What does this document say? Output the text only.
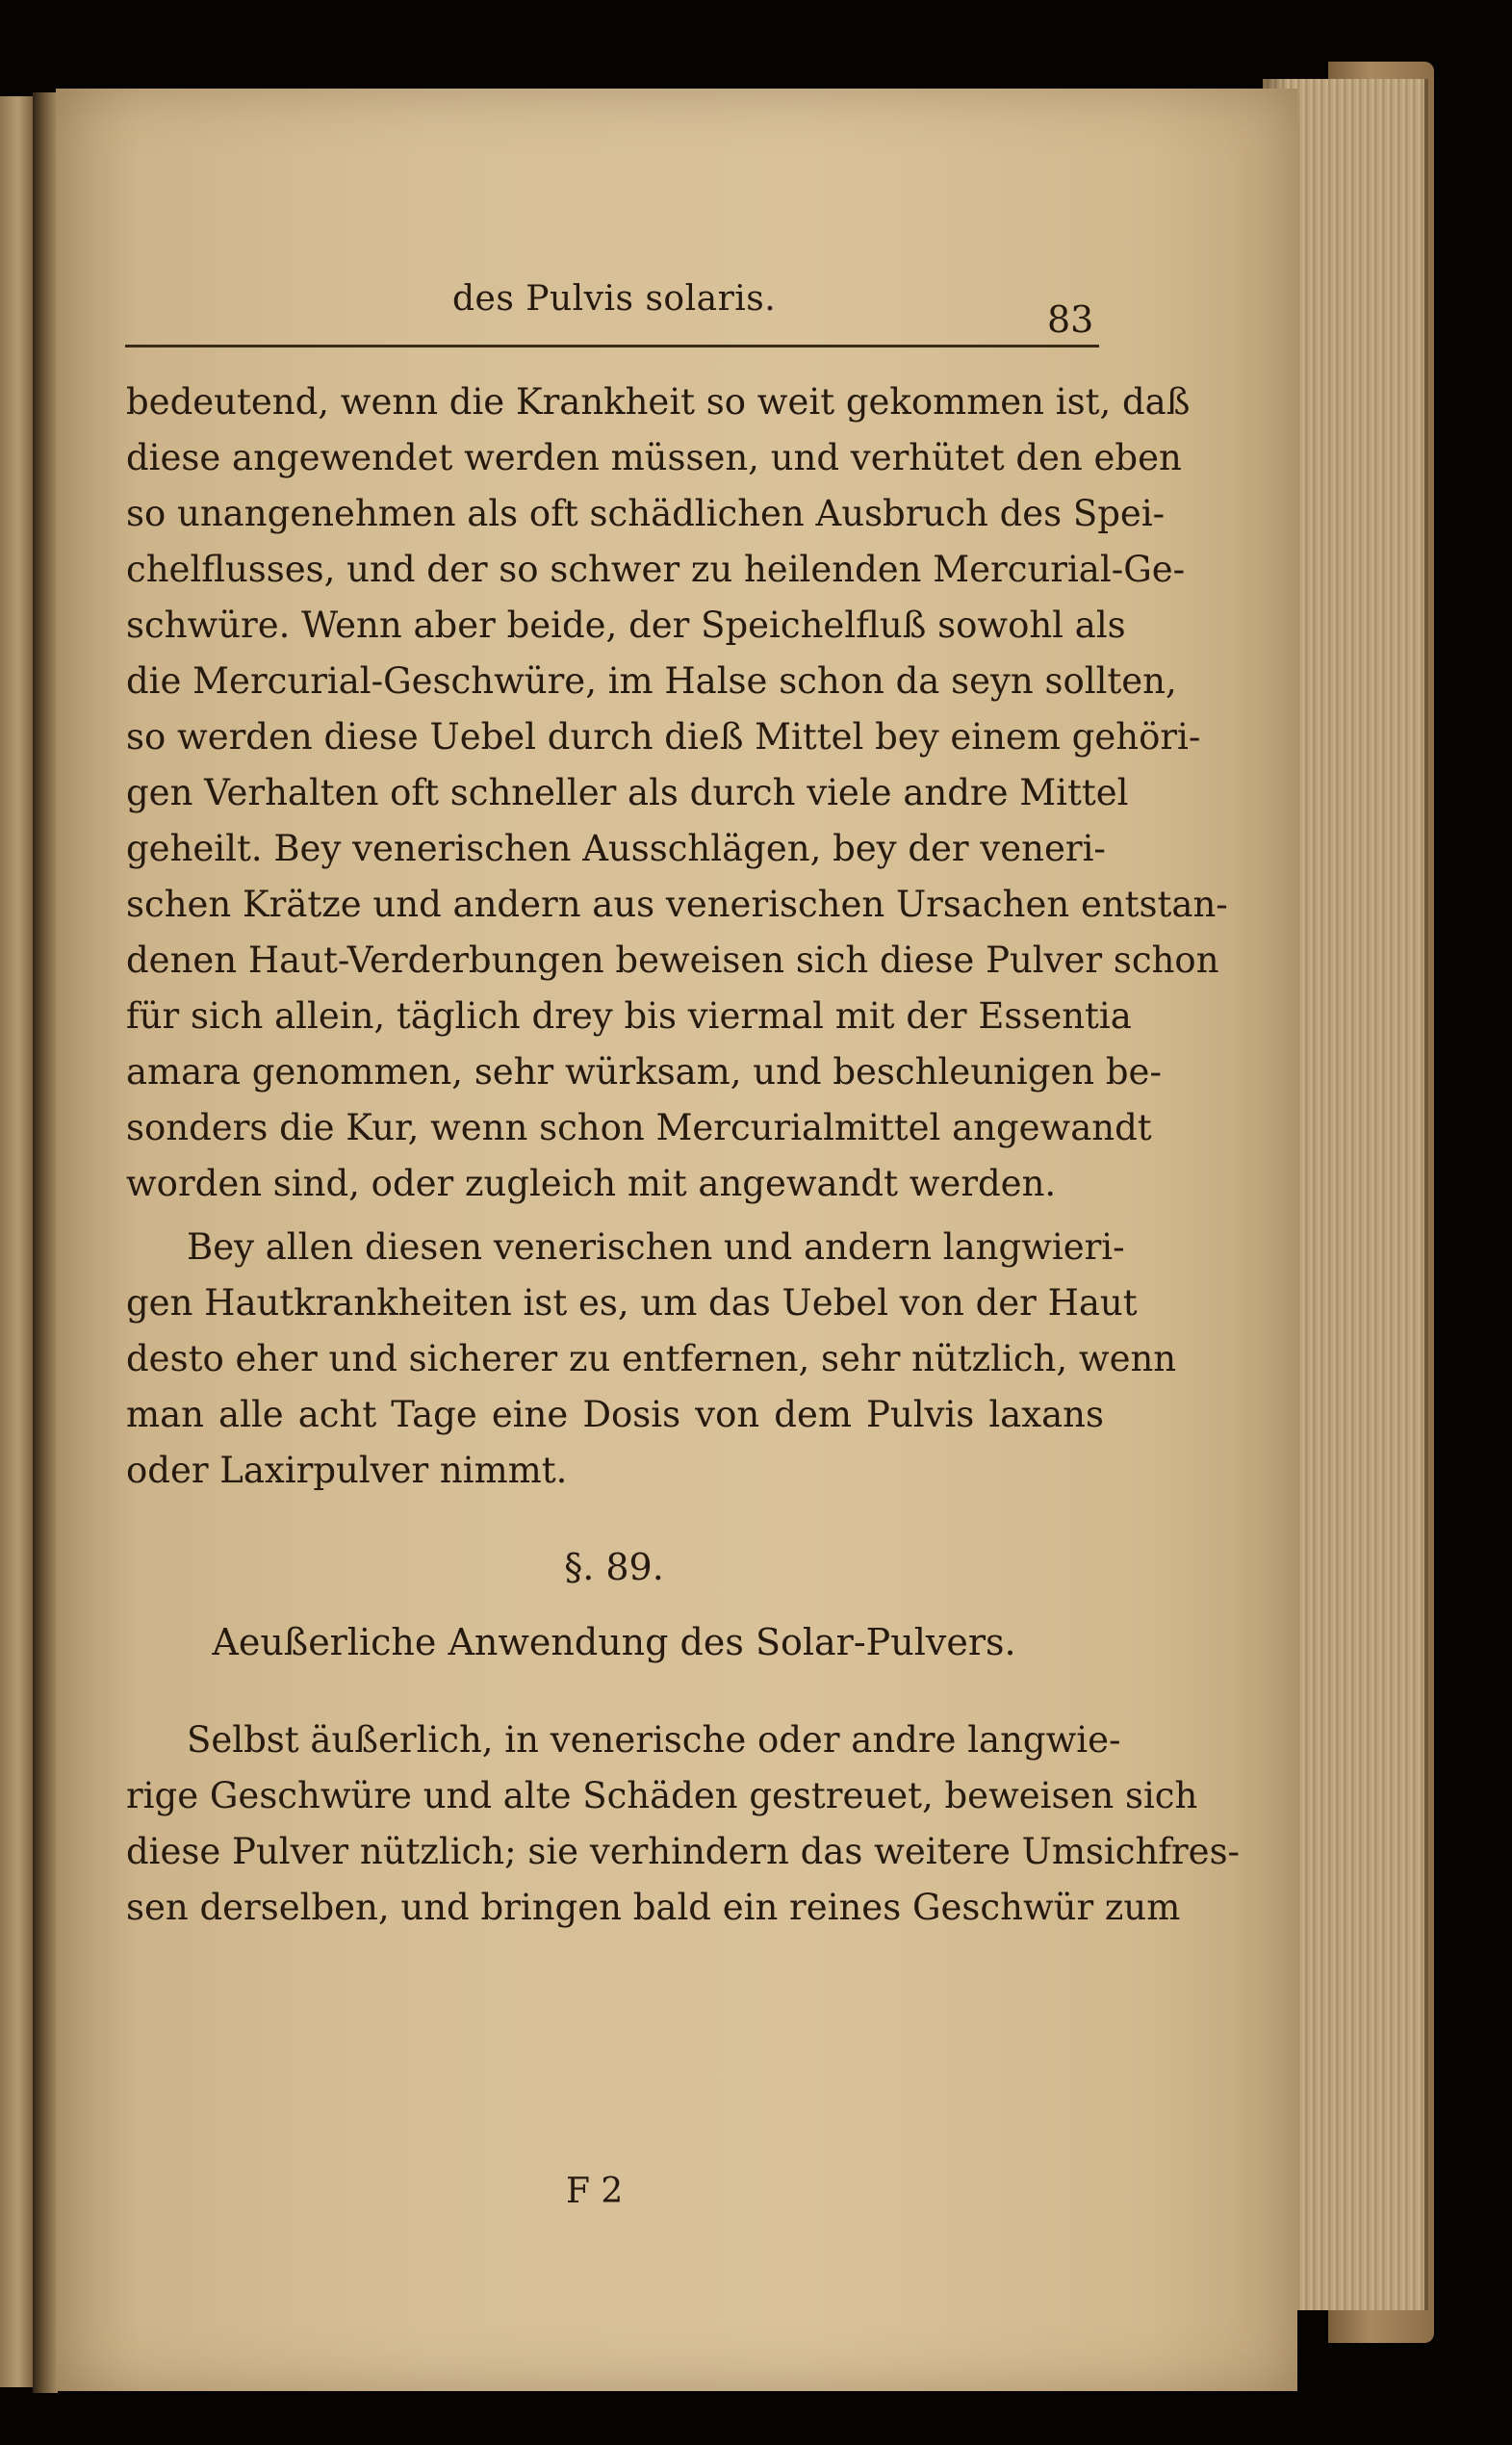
des Pulvis solaris.	83
bedeutend, wenn die Krankheit so weit gekommen ist, daß
diese angewendet werden müssen, und verhütet den eben
so unangenehmen als oft schädlichen Ausbruch des Spei-
chelflusses, und der so schwer zu heilenden Mercurial-Ge-
schwüre. Wenn aber beide, der Speichelfluß sowohl als
die Mercurial-Geschwüre, im Halse schon da seyn sollten,
so werden diese Uebel durch dieß Mittel bey einem gehöri-
gen Verhalten oft schneller als durch viele andre Mittel
geheilt. Bey venerischen Ausschlägen, bey der veneri-
schen Krätze und andern aus venerischen Ursachen entstan-
denen Haut-Verderbungen beweisen sich diese Pulver schon
für sich allein, täglich drey bis viermal mit der Essentia
amara genommen, sehr würksam, und beschleunigen be-
sonders die Kur, wenn schon Mercurialmittel angewandt
worden sind, oder zugleich mit angewandt werden.
Bey allen diesen venerischen und andern langwieri-
gen Hautkrankheiten ist es, um das Uebel von der Haut
desto eher und sicherer zu entfernen, sehr nützlich, wenn
man alle acht Tage eine Dosis von dem Pulvis laxans
oder Laxirpulver nimmt.
§. 89.
Aeußerliche Anwendung des Solar-Pulvers.
Selbst äußerlich, in venerische oder andre langwie-
rige Geschwüre und alte Schäden gestreuet, beweisen sich
diese Pulver nützlich; sie verhindern das weitere Umsichfres-
sen derselben, und bringen bald ein reines Geschwür zum
F 2
